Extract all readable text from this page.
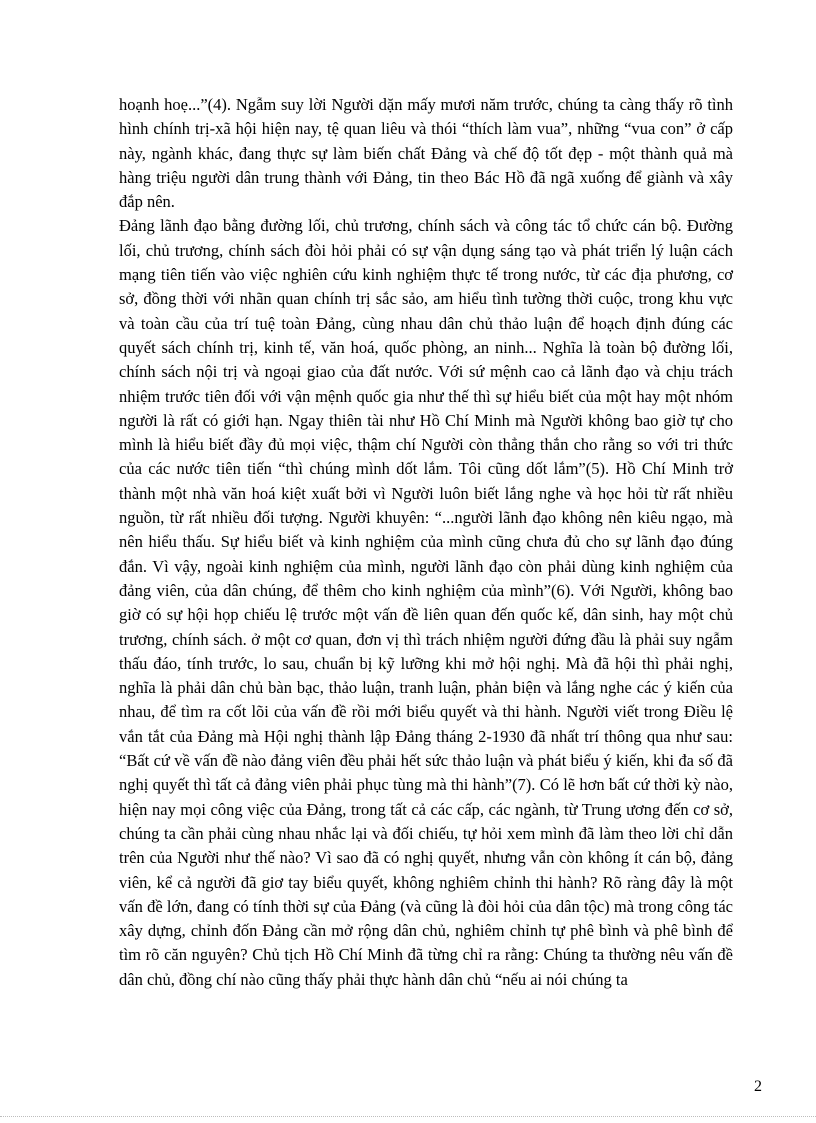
hoạnh hoẹ...”(4). Ngẫm suy lời Người dặn mấy mươi năm trước, chúng ta càng thấy rõ tình hình chính trị-xã hội hiện nay, tệ quan liêu và thói “thích làm vua”, những “vua con” ở cấp này, ngành khác, đang thực sự làm biến chất Đảng và chế độ tốt đẹp - một thành quả mà hàng triệu người dân trung thành với Đảng, tin theo Bác Hồ đã ngã xuống để giành và xây đắp nên.

Đảng lãnh đạo bằng đường lối, chủ trương, chính sách và công tác tổ chức cán bộ. Đường lối, chủ trương, chính sách đòi hỏi phải có sự vận dụng sáng tạo và phát triển lý luận cách mạng tiên tiến vào việc nghiên cứu kinh nghiệm thực tế trong nước, từ các địa phương, cơ sở, đồng thời với nhãn quan chính trị sắc sảo, am hiểu tình tường thời cuộc, trong khu vực và toàn cầu của trí tuệ toàn Đảng, cùng nhau dân chủ thảo luận để hoạch định đúng các quyết sách chính trị, kinh tế, văn hoá, quốc phòng, an ninh... Nghĩa là toàn bộ đường lối, chính sách nội trị và ngoại giao của đất nước. Với sứ mệnh cao cả lãnh đạo và chịu trách nhiệm trước tiên đối với vận mệnh quốc gia như thế thì sự hiểu biết của một hay một nhóm người là rất có giới hạn. Ngay thiên tài như Hồ Chí Minh mà Người không bao giờ tự cho mình là hiểu biết đầy đủ mọi việc, thậm chí Người còn thẳng thắn cho rằng so với tri thức của các nước tiên tiến “thì chúng mình dốt lắm. Tôi cũng dốt lắm”(5). Hồ Chí Minh trở thành một nhà văn hoá kiệt xuất bởi vì Người luôn biết lắng nghe và học hỏi từ rất nhiều nguồn, từ rất nhiều đối tượng. Người khuyên: “...người lãnh đạo không nên kiêu ngạo, mà nên hiểu thấu. Sự hiểu biết và kinh nghiệm của mình cũng chưa đủ cho sự lãnh đạo đúng đắn. Vì vậy, ngoài kinh nghiệm của mình, người lãnh đạo còn phải dùng kinh nghiệm của đảng viên, của dân chúng, để thêm cho kinh nghiệm của mình”(6). Với Người, không bao giờ có sự hội họp chiếu lệ trước một vấn đề liên quan đến quốc kế, dân sinh, hay một chủ trương, chính sách. ở một cơ quan, đơn vị thì trách nhiệm người đứng đầu là phải suy ngẫm thấu đáo, tính trước, lo sau, chuẩn bị kỹ lưỡng khi mở hội nghị. Mà đã hội thì phải nghị, nghĩa là phải dân chủ bàn bạc, thảo luận, tranh luận, phản biện và lắng nghe các ý kiến của nhau, để tìm ra cốt lõi của vấn đề rồi mới biểu quyết và thi hành. Người viết trong Điều lệ vắn tắt của Đảng mà Hội nghị thành lập Đảng tháng 2-1930 đã nhất trí thông qua như sau: “Bất cứ về vấn đề nào đảng viên đều phải hết sức thảo luận và phát biểu ý kiến, khi đa số đã nghị quyết thì tất cả đảng viên phải phục tùng mà thi hành”(7). Có lẽ hơn bất cứ thời kỳ nào, hiện nay mọi công việc của Đảng, trong tất cả các cấp, các ngành, từ Trung ương đến cơ sở, chúng ta cần phải cùng nhau nhắc lại và đối chiếu, tự hỏi xem mình đã làm theo lời chỉ dẫn trên của Người như thế nào? Vì sao đã có nghị quyết, nhưng vẫn còn không ít cán bộ, đảng viên, kể cả người đã giơ tay biểu quyết, không nghiêm chỉnh thi hành? Rõ ràng đây là một vấn đề lớn, đang có tính thời sự của Đảng (và cũng là đòi hỏi của dân tộc) mà trong công tác xây dựng, chỉnh đốn Đảng cần mở rộng dân chủ, nghiêm chỉnh tự phê bình và phê bình để tìm rõ căn nguyên? Chủ tịch Hồ Chí Minh đã từng chỉ ra rằng: Chúng ta thường nêu vấn đề dân chủ, đồng chí nào cũng thấy phải thực hành dân chủ “nếu ai nói chúng ta

2
